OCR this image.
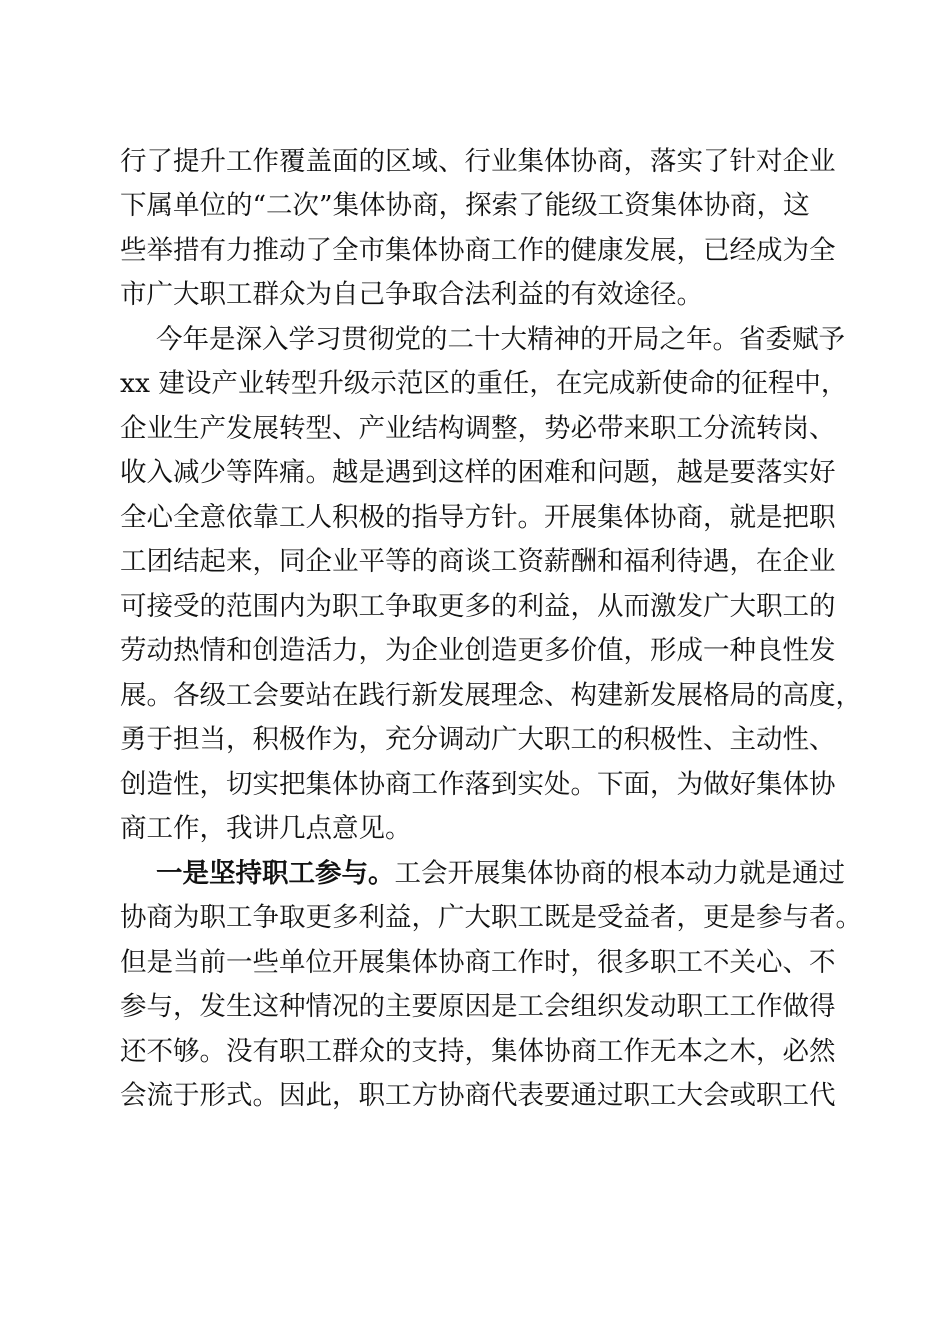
行了提升工作覆盖面的区域、行业集体协商，落实了针对企业
下属单位的“二次”集体协商，探索了能级工资集体协商，这
些举措有力推动了全市集体协商工作的健康发展，已经成为全
市广大职工群众为自己争取合法利益的有效途径。
今年是深入学习贯彻党的二十大精神的开局之年。省委赋予
xx 建设产业转型升级示范区的重任，在完成新使命的征程中，
企业生产发展转型、产业结构调整，势必带来职工分流转岗、
收入减少等阵痛。越是遇到这样的困难和问题，越是要落实好
全心全意依靠工人积极的指导方针。开展集体协商，就是把职
工团结起来，同企业平等的商谈工资薪酬和福利待遇，在企业
可接受的范围内为职工争取更多的利益，从而激发广大职工的
劳动热情和创造活力，为企业创造更多价值，形成一种良性发
展。各级工会要站在践行新发展理念、构建新发展格局的高度，
勇于担当，积极作为，充分调动广大职工的积极性、主动性、
创造性，切实把集体协商工作落到实处。下面，为做好集体协
商工作，我讲几点意见。
一是坚持职工参与。工会开展集体协商的根本动力就是通过
协商为职工争取更多利益，广大职工既是受益者，更是参与者。
但是当前一些单位开展集体协商工作时，很多职工不关心、不
参与，发生这种情况的主要原因是工会组织发动职工工作做得
还不够。没有职工群众的支持，集体协商工作无本之木，必然
会流于形式。因此，职工方协商代表要通过职工大会或职工代
